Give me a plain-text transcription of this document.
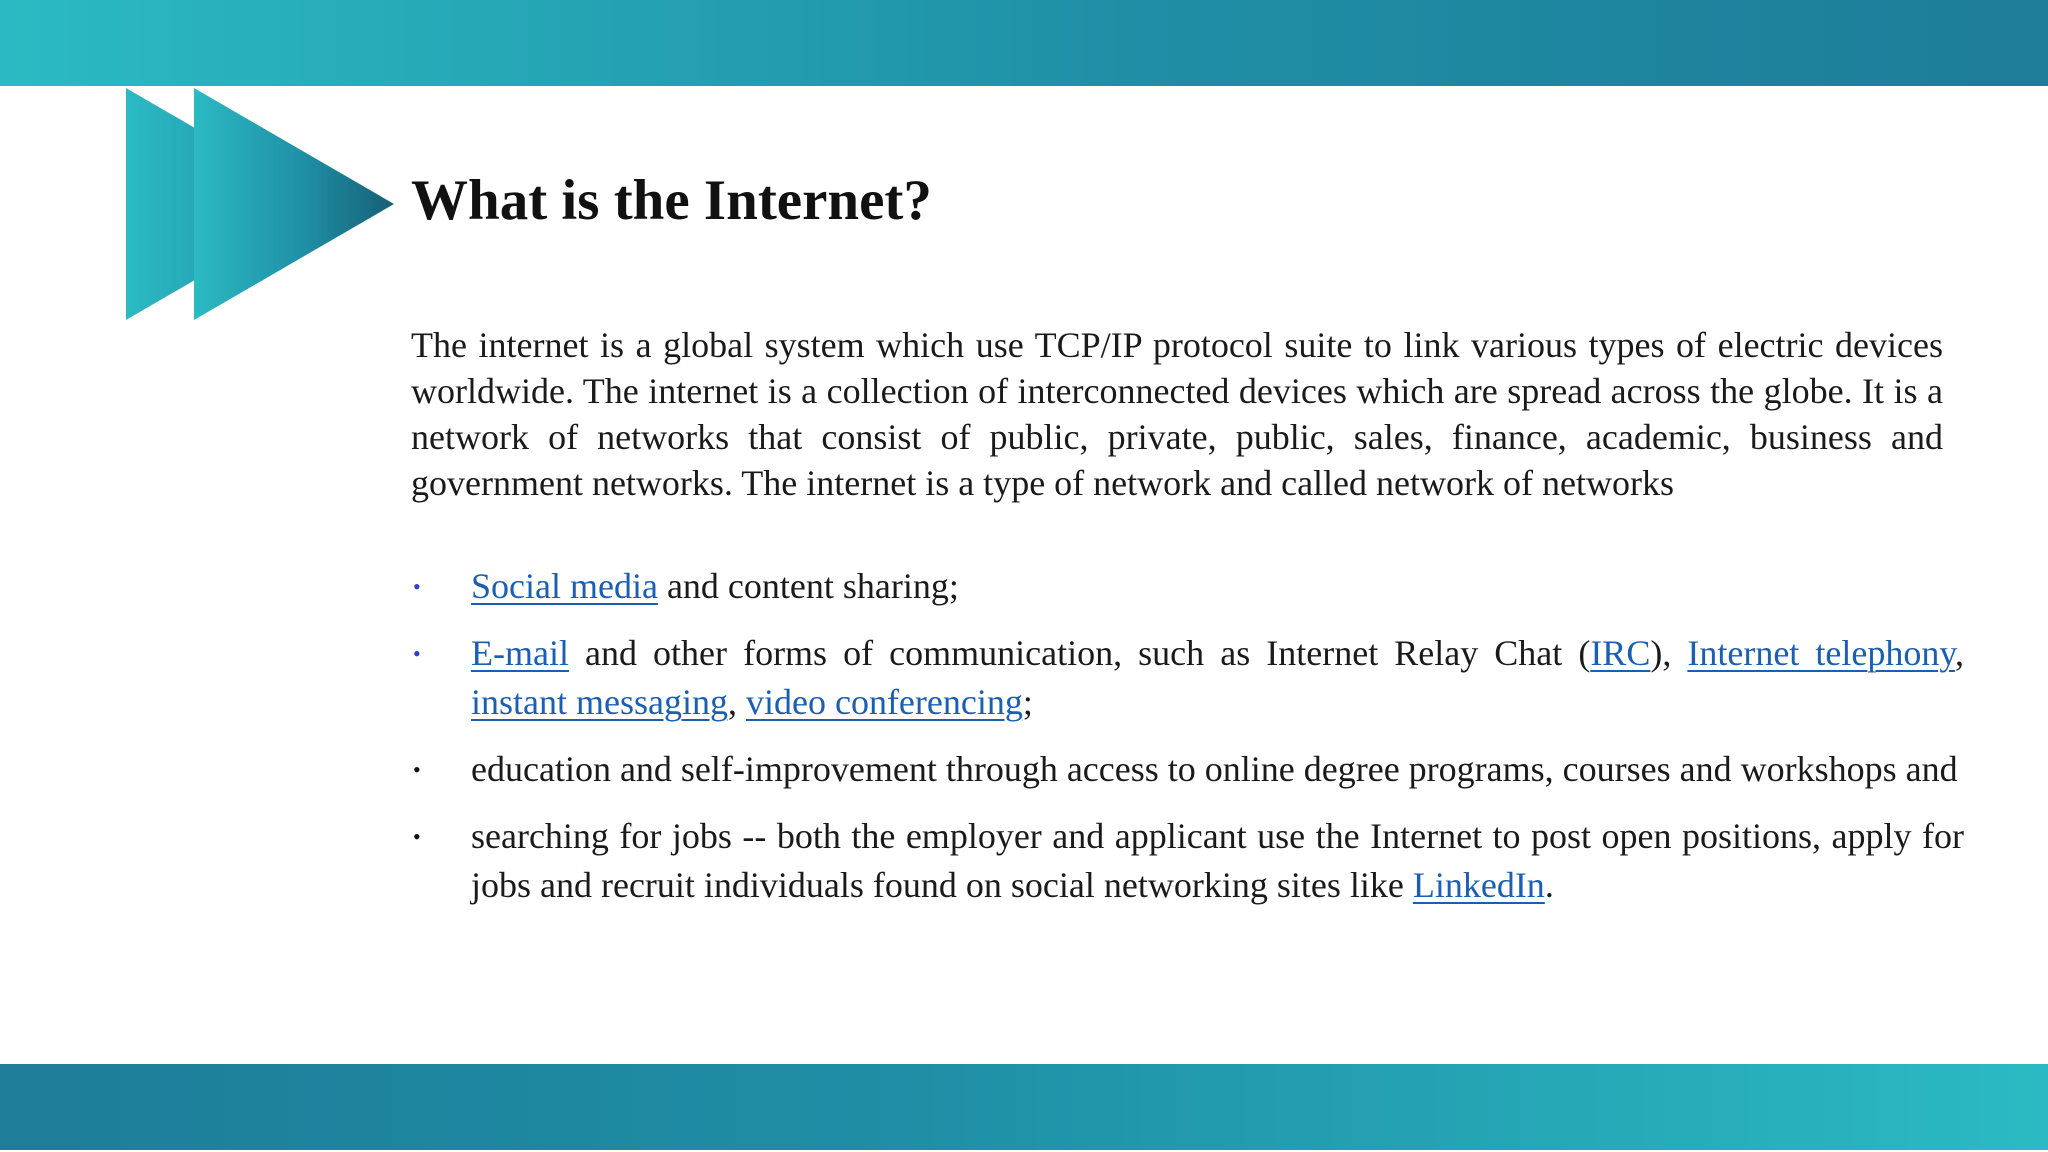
What is the Internet?

The internet is a global system which use TCP/IP protocol suite to link various types of electric devices worldwide. The internet is a collection of interconnected devices which are spread across the globe. It is a network of networks that consist of public, private, public, sales, finance, academic, business and government networks. The internet is a type of network and called network of networks

• Social media and content sharing;
• E-mail and other forms of communication, such as Internet Relay Chat (IRC), Internet telephony, instant messaging, video conferencing;
• education and self-improvement through access to online degree programs, courses and workshops and
• searching for jobs -- both the employer and applicant use the Internet to post open positions, apply for jobs and recruit individuals found on social networking sites like LinkedIn.
